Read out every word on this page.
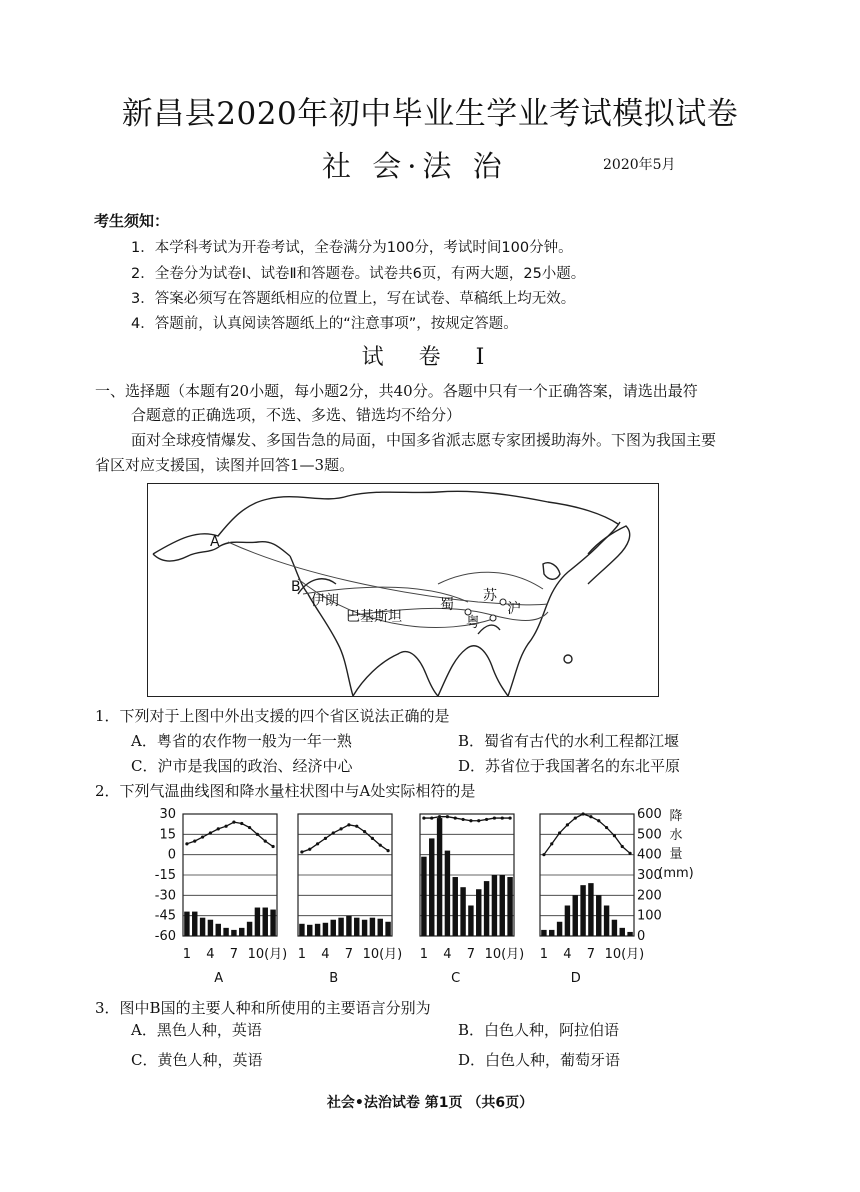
新昌县2020年初中毕业生学业考试模拟试卷
社 会·法 治	2020年5月
考生须知：
1．本学科考试为开卷考试，全卷满分为100分，考试时间100分钟。
2．全卷分为试卷Ⅰ、试卷Ⅱ和答题卷。试卷共6页，有两大题，25小题。
3．答案必须写在答题纸相应的位置上，写在试卷、草稿纸上均无效。
4．答题前，认真阅读答题纸上的“注意事项”，按规定答题。
试 卷 Ⅰ
一、选择题（本题有20小题，每小题2分，共40分。各题中只有一个正确答案，请选出最符
合题意的正确选项，不选、多选、错选均不给分）
面对全球疫情爆发、多国告急的局面，中国多省派志愿专家团援助海外。下图为我国主要
省区对应支援国，读图并回答1—3题。
A
B
伊朗
巴基斯坦
蜀
苏
沪
粤
1．下列对于上图中外出支援的四个省区说法正确的是
A．粤省的农作物一般为一年一熟	B．蜀省有古代的水利工程都江堰
C．沪市是我国的政治、经济中心	D．苏省位于我国著名的东北平原
2．下列气温曲线图和降水量柱状图中与A处实际相符的是
30
15
0
-15
-30
-45
-60
600
500
400
300
200
100
0
降
水
量
(mm)
1 4 7 10(月)
A
1 4 7 10(月)
B
1 4 7 10(月)
C
1 4 7 10(月)
D
3．图中B国的主要人种和所使用的主要语言分别为
A．黑色人种，英语	B．白色人种，阿拉伯语
C．黄色人种，英语	D．白色人种，葡萄牙语
社会•法治试卷 第1页 （共6页）
